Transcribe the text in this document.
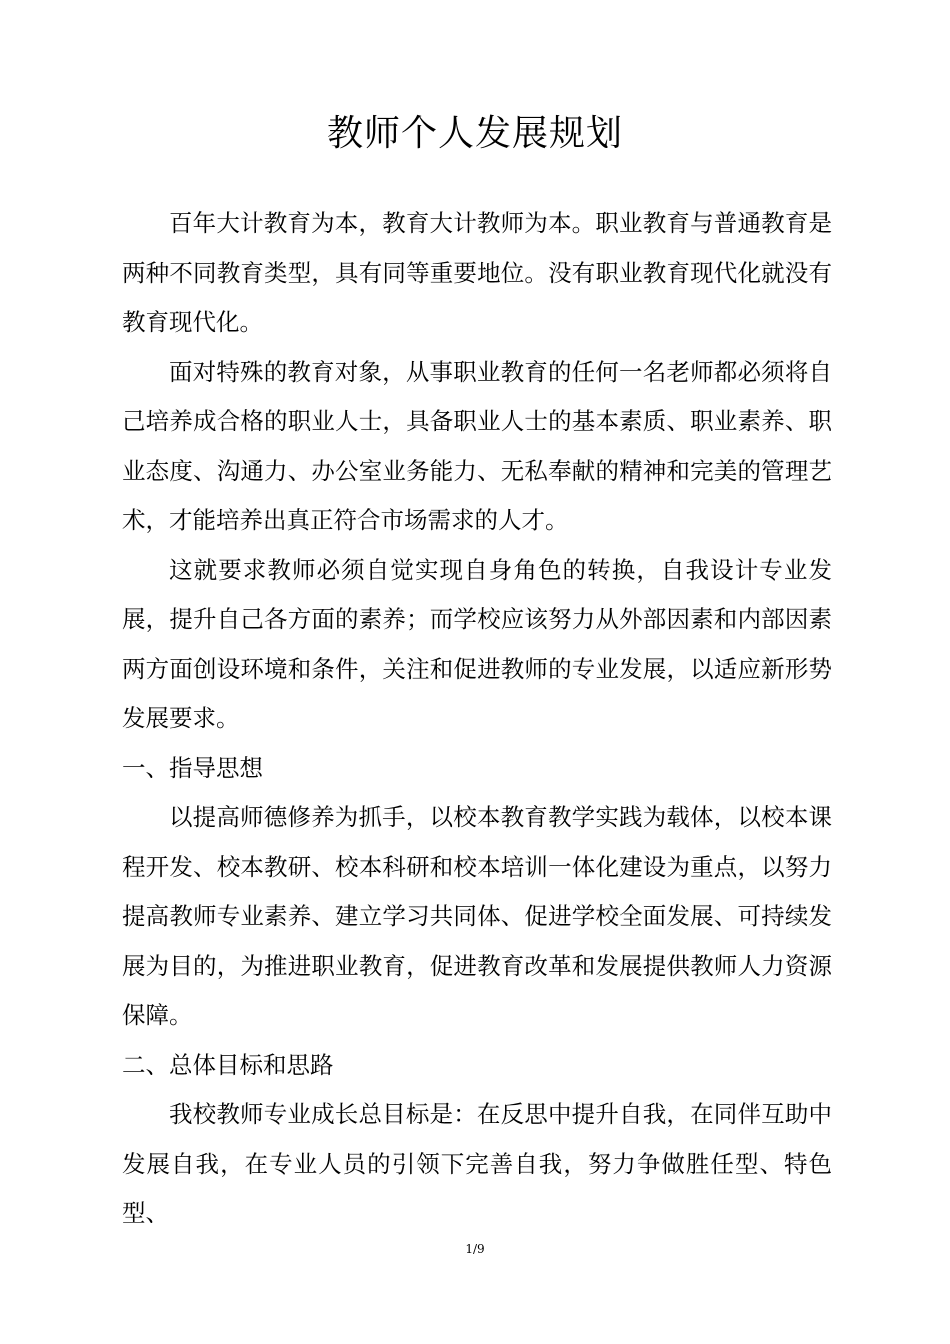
教师个人发展规划

百年大计教育为本，教育大计教师为本。职业教育与普通教育是两种不同教育类型，具有同等重要地位。没有职业教育现代化就没有教育现代化。

面对特殊的教育对象，从事职业教育的任何一名老师都必须将自己培养成合格的职业人士，具备职业人士的基本素质、职业素养、职业态度、沟通力、办公室业务能力、无私奉献的精神和完美的管理艺术，才能培养出真正符合市场需求的人才。

这就要求教师必须自觉实现自身角色的转换，自我设计专业发展，提升自己各方面的素养；而学校应该努力从外部因素和内部因素两方面创设环境和条件，关注和促进教师的专业发展，以适应新形势发展要求。

一、指导思想

以提高师德修养为抓手，以校本教育教学实践为载体，以校本课程开发、校本教研、校本科研和校本培训一体化建设为重点，以努力提高教师专业素养、建立学习共同体、促进学校全面发展、可持续发展为目的，为推进职业教育，促进教育改革和发展提供教师人力资源保障。

二、总体目标和思路

我校教师专业成长总目标是：在反思中提升自我，在同伴互助中发展自我，在专业人员的引领下完善自我，努力争做胜任型、特色型、

1/9
